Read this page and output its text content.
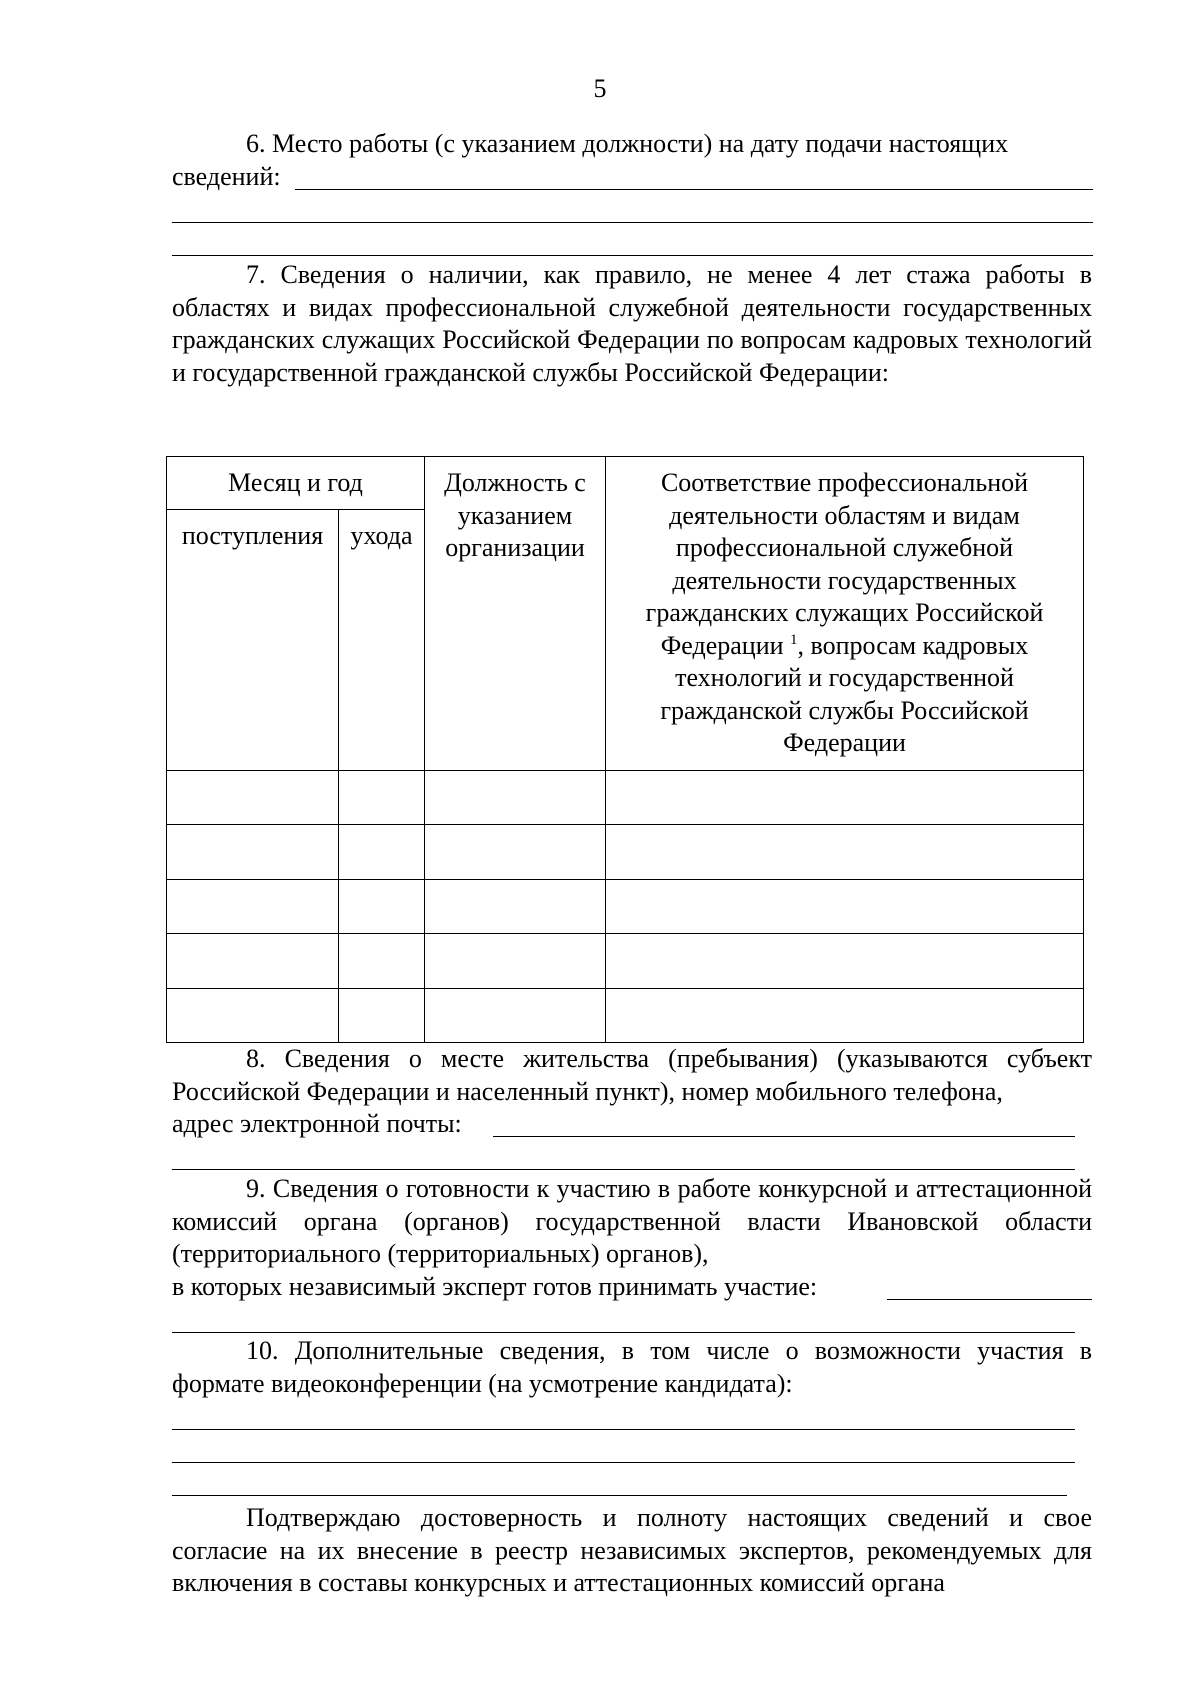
5
6. Место работы (с указанием должности) на дату подачи настоящих
сведений:
7. Сведения о наличии, как правило, не менее 4 лет стажа работы в областях и видах профессиональной служебной деятельности государственных гражданских служащих Российской Федерации по вопросам кадровых технологий и государственной гражданской службы Российской Федерации:
Месяц и год		Должность с указанием организации	Соответствие профессиональной деятельности областям и видам профессиональной служебной деятельности государственных гражданских служащих Российской Федерации $^1$, вопросам кадровых технологий и государственной гражданской службы Российской Федерации
поступления	ухода		

8. Сведения о месте жительства (пребывания) (указываются субъект Российской Федерации и населенный пункт), номер мобильного телефона,
адрес электронной почты:
9. Сведения о готовности к участию в работе конкурсной и аттестационной комиссий органа (органов) государственной власти Ивановской области (территориального (территориальных) органов),
в которых независимый эксперт готов принимать участие:
10. Дополнительные сведения, в том числе о возможности участия в формате видеоконференции (на усмотрение кандидата):
Подтверждаю достоверность и полноту настоящих сведений и свое согласие на их внесение в реестр независимых экспертов, рекомендуемых для включения в составы конкурсных и аттестационных комиссий органа
